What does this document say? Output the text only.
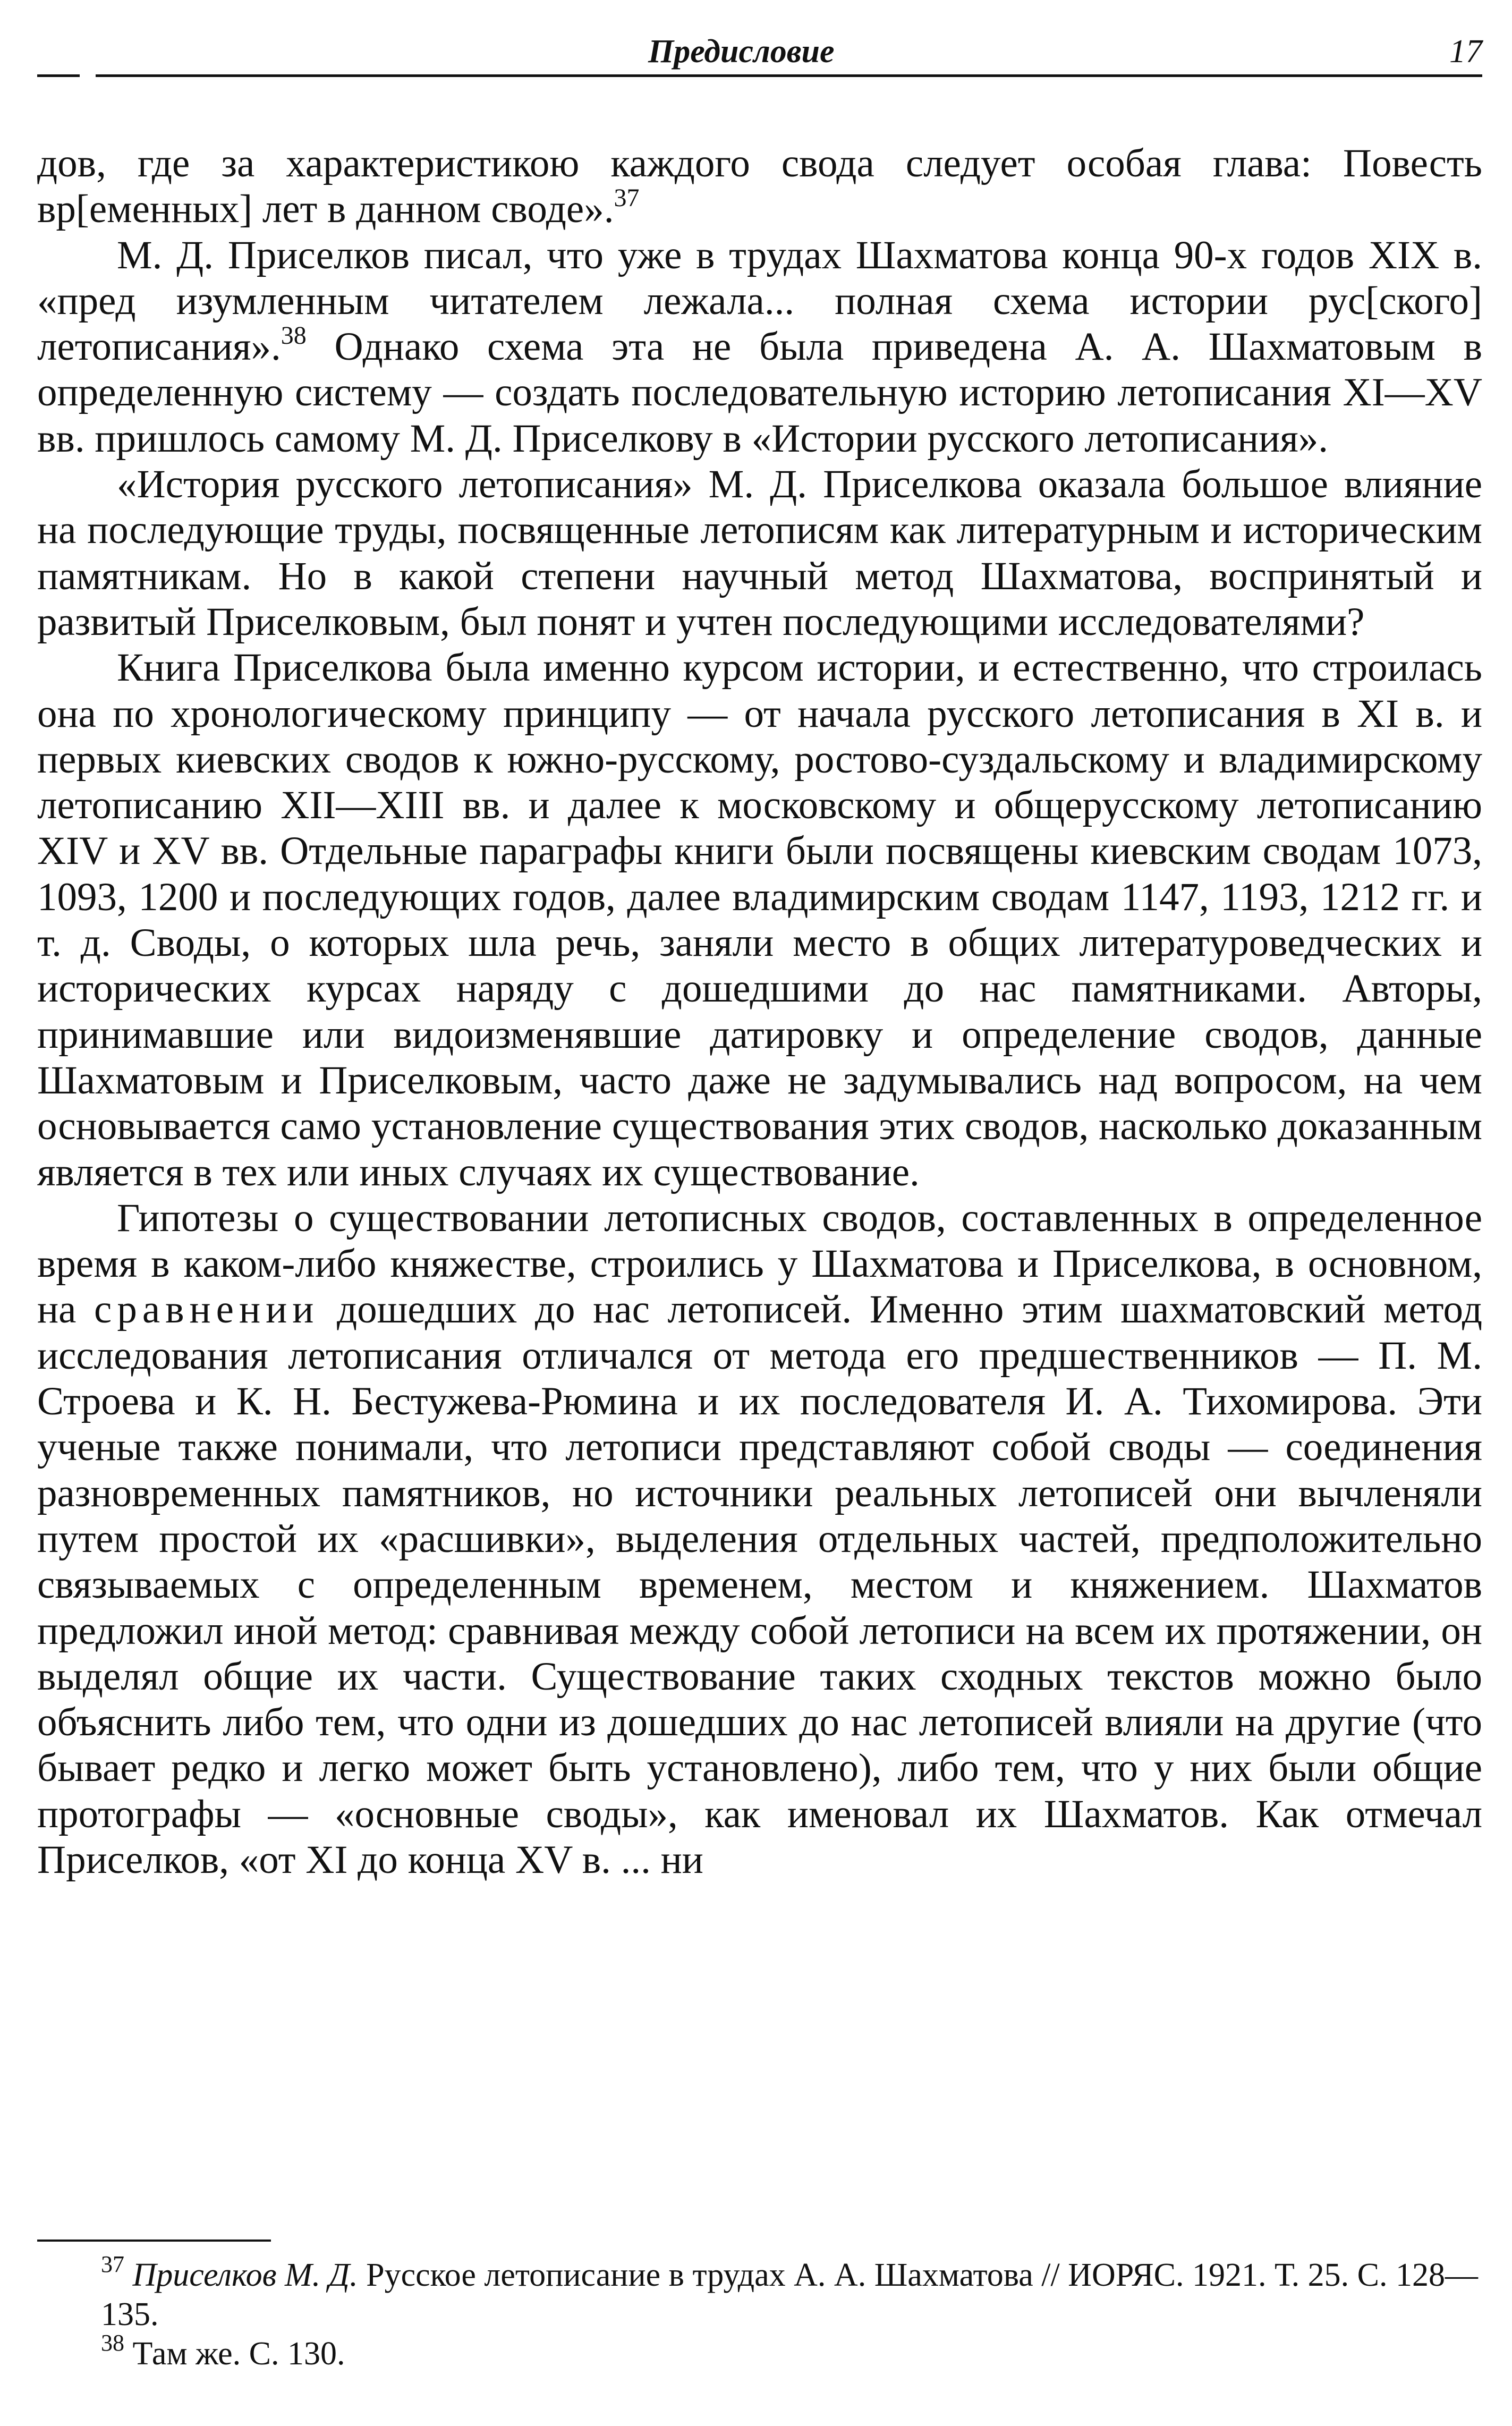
Предисловие	17

дов, где за характеристикою каждого свода следует особая глава: Повесть вр[еменных] лет в данном своде».$^{37}$

М. Д. Приселков писал, что уже в трудах Шахматова конца 90-х годов XIX в. «пред изумленным читателем лежала... полная схема истории рус[ского] летописания».$^{38}$ Однако схема эта не была приведена А. А. Шахматовым в определенную систему — создать последовательную историю летописания XI—XV вв. пришлось самому М. Д. Приселкову в «Истории русского летописания».

«История русского летописания» М. Д. Приселкова оказала большое влияние на последующие труды, посвященные летописям как литературным и историческим памятникам. Но в какой степени научный метод Шахматова, воспринятый и развитый Приселковым, был понят и учтен последующими исследователями?

Книга Приселкова была именно курсом истории, и естественно, что строилась она по хронологическому принципу — от начала русского летописания в XI в. и первых киевских сводов к южно-русскому, ростово-суздальскому и владимирскому летописанию XII—XIII вв. и далее к московскому и общерусскому летописанию XIV и XV вв. Отдельные параграфы книги были посвящены киевским сводам 1073, 1093, 1200 и последующих годов, далее владимирским сводам 1147, 1193, 1212 гг. и т. д. Своды, о которых шла речь, заняли место в общих литературоведческих и исторических курсах наряду с дошедшими до нас памятниками. Авторы, принимавшие или видоизменявшие датировку и определение сводов, данные Шахматовым и Приселковым, часто даже не задумывались над вопросом, на чем основывается само установление существования этих сводов, насколько доказанным является в тех или иных случаях их существование.

Гипотезы о существовании летописных сводов, составленных в определенное время в каком-либо княжестве, строились у Шахматова и Приселкова, в основном, на сравнении дошедших до нас летописей. Именно этим шахматовский метод исследования летописания отличался от метода его предшественников — П. М. Строева и К. Н. Бестужева-Рюмина и их последователя И. А. Тихомирова. Эти ученые также понимали, что летописи представляют собой своды — соединения разновременных памятников, но источники реальных летописей они вычленяли путем простой их «расшивки», выделения отдельных частей, предположительно связываемых с определенным временем, местом и княжением. Шахматов предложил иной метод: сравнивая между собой летописи на всем их протяжении, он выделял общие их части. Существование таких сходных текстов можно было объяснить либо тем, что одни из дошедших до нас летописей влияли на другие (что бывает редко и легко может быть установлено), либо тем, что у них были общие протографы — «основные своды», как именовал их Шахматов. Как отмечал Приселков, «от XI до конца XV в. ... ни

$^{37}$ Приселков М. Д. Русское летописание в трудах А. А. Шахматова // ИОРЯС. 1921. Т. 25. С. 128—135.

$^{38}$ Там же. С. 130.
